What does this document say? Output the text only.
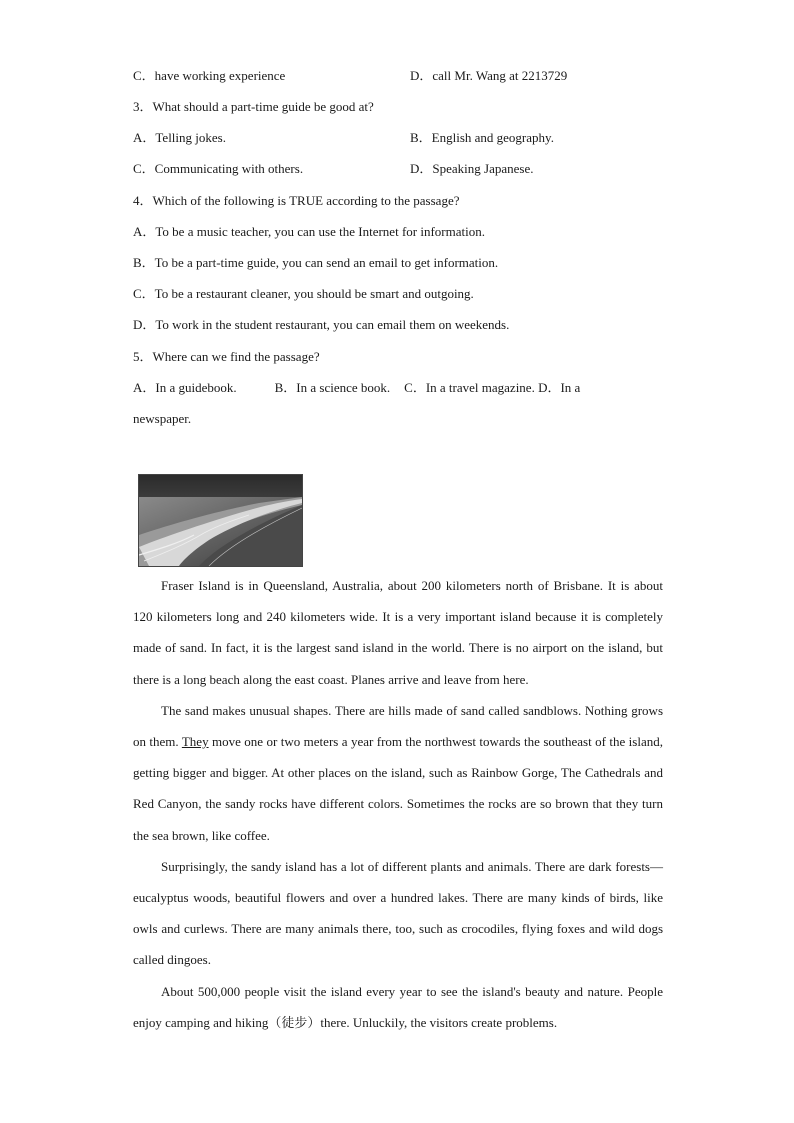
C．have working experience	D．call Mr. Wang at 2213729
3．What should a part-time guide be good at?
A．Telling jokes.	B．English and geography.
C．Communicating with others.	D．Speaking Japanese.
4．Which of the following is TRUE according to the passage?
A．To be a music teacher, you can use the Internet for information.
B．To be a part-time guide, you can send an email to get information.
C．To be a restaurant cleaner, you should be smart and outgoing.
D．To work in the student restaurant, you can email them on weekends.
5．Where can we find the passage?
A．In a guidebook.	B．In a science book. C．In a travel magazine. D．In a
newspaper.

Fraser Island is in Queensland, Australia, about 200 kilometers north of Brisbane. It is about 120 kilometers long and 240 kilometers wide. It is a very important island because it is completely made of sand. In fact, it is the largest sand island in the world. There is no airport on the island, but there is a long beach along the east coast. Planes arrive and leave from here.

The sand makes unusual shapes. There are hills made of sand called sandblows. Nothing grows on them. They move one or two meters a year from the northwest towards the southeast of the island, getting bigger and bigger. At other places on the island, such as Rainbow Gorge, The Cathedrals and Red Canyon, the sandy rocks have different colors. Sometimes the rocks are so brown that they turn the sea brown, like coffee.

Surprisingly, the sandy island has a lot of different plants and animals. There are dark forests—eucalyptus woods, beautiful flowers and over a hundred lakes. There are many kinds of birds, like owls and curlews. There are many animals there, too, such as crocodiles, flying foxes and wild dogs called dingoes.

About 500,000 people visit the island every year to see the island's beauty and nature. People enjoy camping and hiking（徒步）there. Unluckily, the visitors create problems.
